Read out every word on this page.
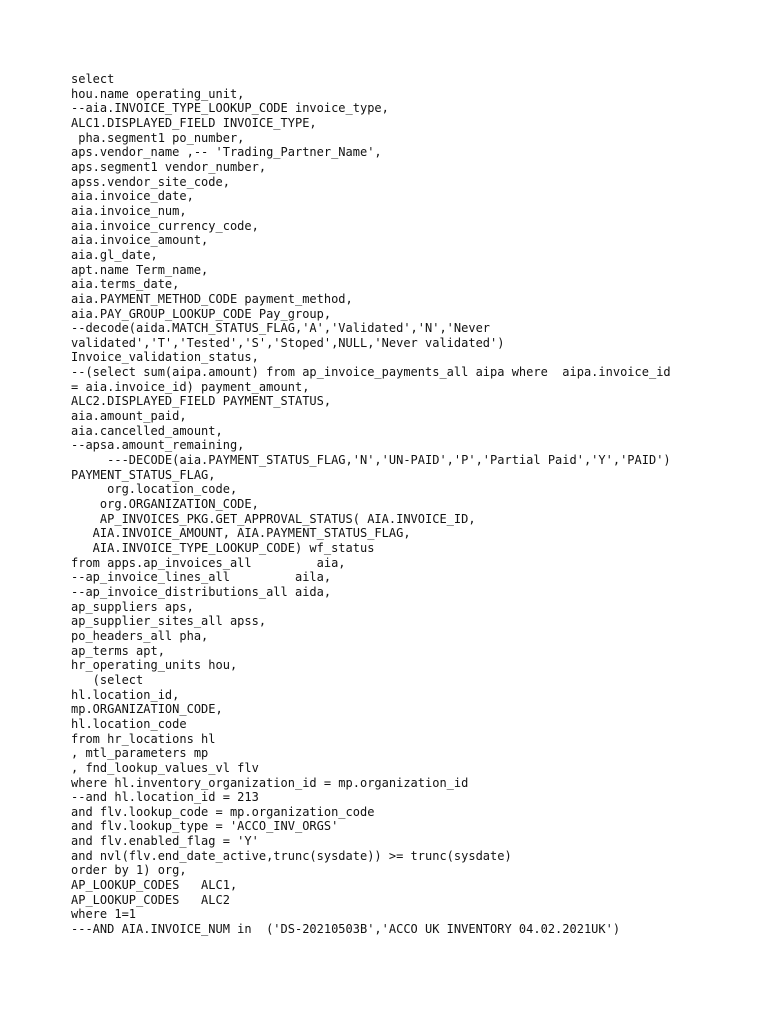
select
hou.name operating_unit,
--aia.INVOICE_TYPE_LOOKUP_CODE invoice_type,
ALC1.DISPLAYED_FIELD INVOICE_TYPE,
pha.segment1 po_number,
aps.vendor_name ,-- 'Trading_Partner_Name',
aps.segment1 vendor_number,
apss.vendor_site_code,
aia.invoice_date,
aia.invoice_num,
aia.invoice_currency_code,
aia.invoice_amount,
aia.gl_date,
apt.name Term_name,
aia.terms_date,
aia.PAYMENT_METHOD_CODE payment_method,
aia.PAY_GROUP_LOOKUP_CODE Pay_group,
--decode(aida.MATCH_STATUS_FLAG,'A','Validated','N','Never
validated','T','Tested','S','Stoped',NULL,'Never validated')
Invoice_validation_status,
--(select sum(aipa.amount) from ap_invoice_payments_all aipa where  aipa.invoice_id
= aia.invoice_id) payment_amount,
ALC2.DISPLAYED_FIELD PAYMENT_STATUS,
aia.amount_paid,
aia.cancelled_amount,
--apsa.amount_remaining,
---DECODE(aia.PAYMENT_STATUS_FLAG,'N','UN-PAID','P','Partial Paid','Y','PAID')
PAYMENT_STATUS_FLAG,
org.location_code,
org.ORGANIZATION_CODE,
AP_INVOICES_PKG.GET_APPROVAL_STATUS( AIA.INVOICE_ID,
AIA.INVOICE_AMOUNT, AIA.PAYMENT_STATUS_FLAG,
AIA.INVOICE_TYPE_LOOKUP_CODE) wf_status
from apps.ap_invoices_all         aia,
--ap_invoice_lines_all         aila,
--ap_invoice_distributions_all aida,
ap_suppliers aps,
ap_supplier_sites_all apss,
po_headers_all pha,
ap_terms apt,
hr_operating_units hou,
(select
hl.location_id,
mp.ORGANIZATION_CODE,
hl.location_code
from hr_locations hl
, mtl_parameters mp
, fnd_lookup_values_vl flv
where hl.inventory_organization_id = mp.organization_id
--and hl.location_id = 213
and flv.lookup_code = mp.organization_code
and flv.lookup_type = 'ACCO_INV_ORGS'
and flv.enabled_flag = 'Y'
and nvl(flv.end_date_active,trunc(sysdate)) >= trunc(sysdate)
order by 1) org,
AP_LOOKUP_CODES   ALC1,
AP_LOOKUP_CODES   ALC2
where 1=1
---AND AIA.INVOICE_NUM in  ('DS-20210503B','ACCO UK INVENTORY 04.02.2021UK')
